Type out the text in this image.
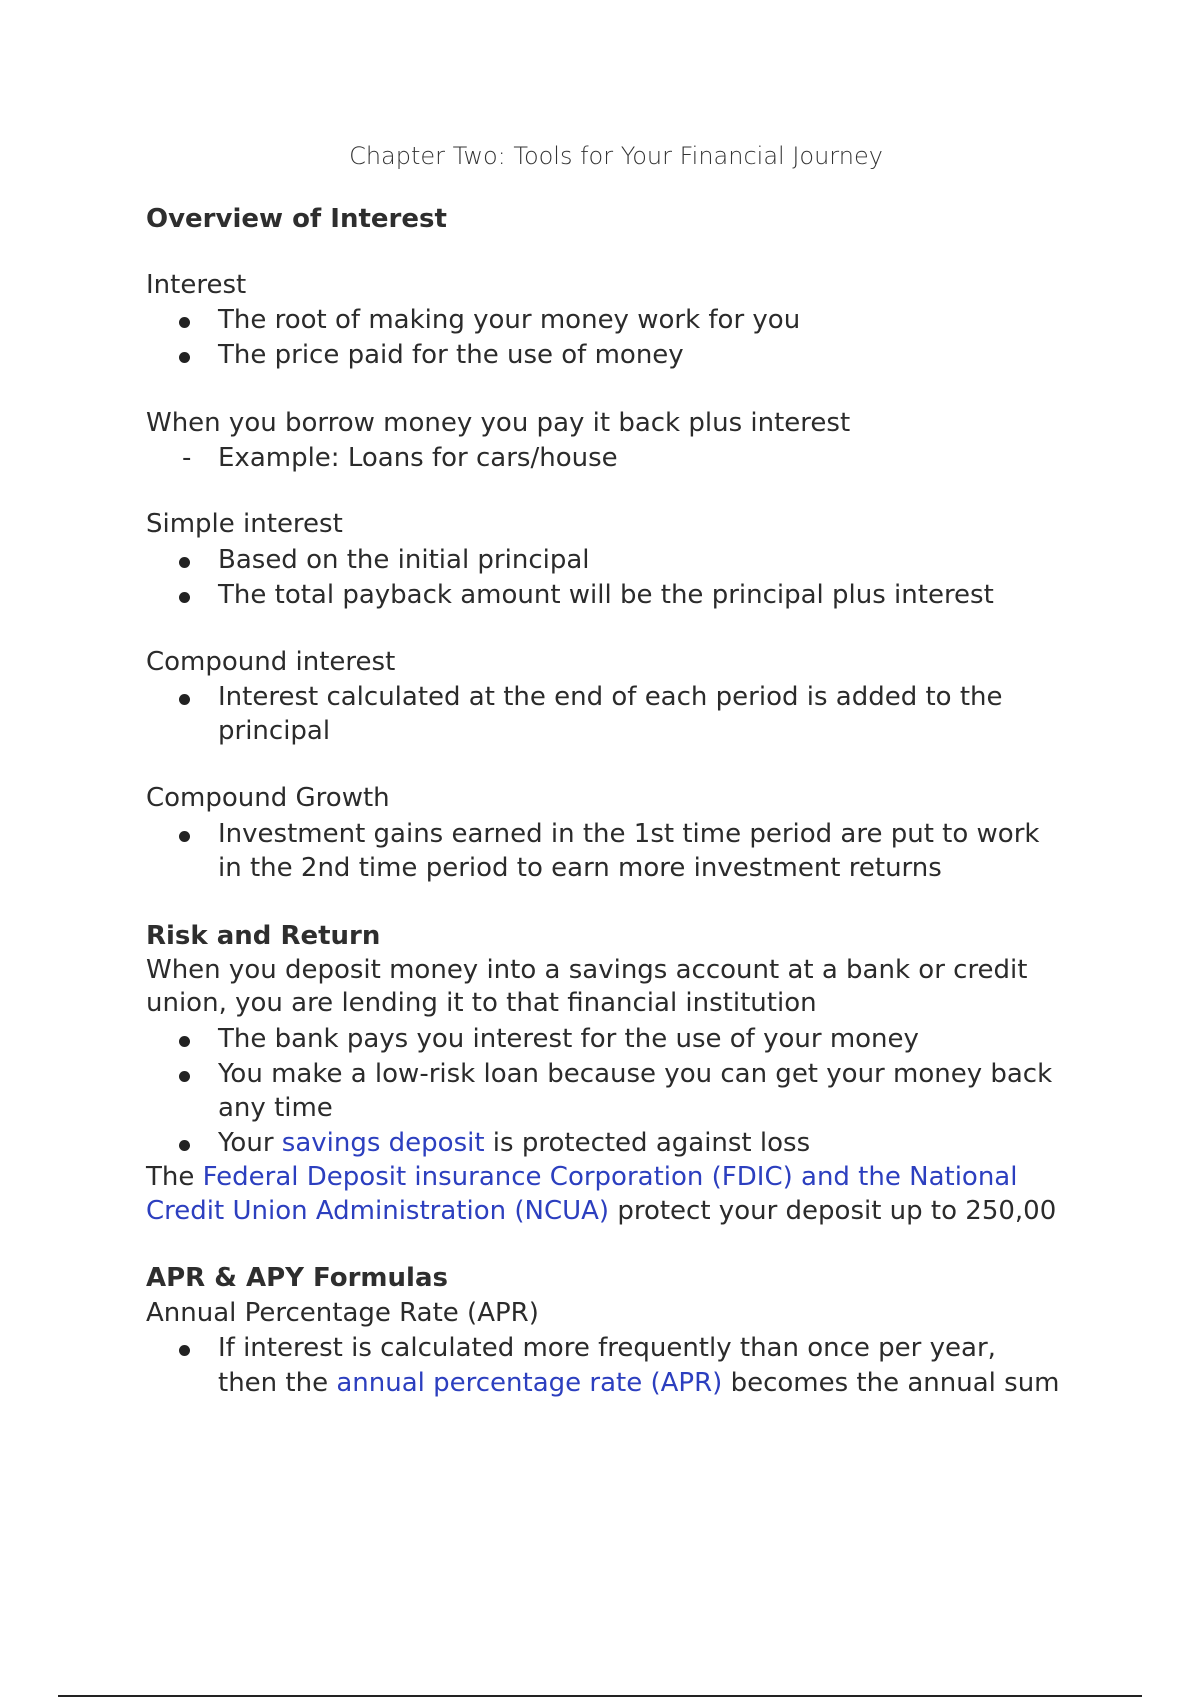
Chapter Two: Tools for Your Financial Journey
Overview of Interest
Interest
The root of making your money work for you
The price paid for the use of money
When you borrow money you pay it back plus interest
- Example: Loans for cars/house
Simple interest
Based on the initial principal
The total payback amount will be the principal plus interest
Compound interest
Interest calculated at the end of each period is added to the
principal
Compound Growth
Investment gains earned in the 1st time period are put to work
in the 2nd time period to earn more investment returns
Risk and Return
When you deposit money into a savings account at a bank or credit
union, you are lending it to that financial institution
The bank pays you interest for the use of your money
You make a low-risk loan because you can get your money back
any time
Your savings deposit is protected against loss
The Federal Deposit insurance Corporation (FDIC) and the National
Credit Union Administration (NCUA) protect your deposit up to 250,00
APR & APY Formulas
Annual Percentage Rate (APR)
If interest is calculated more frequently than once per year,
then the annual percentage rate (APR) becomes the annual sum
